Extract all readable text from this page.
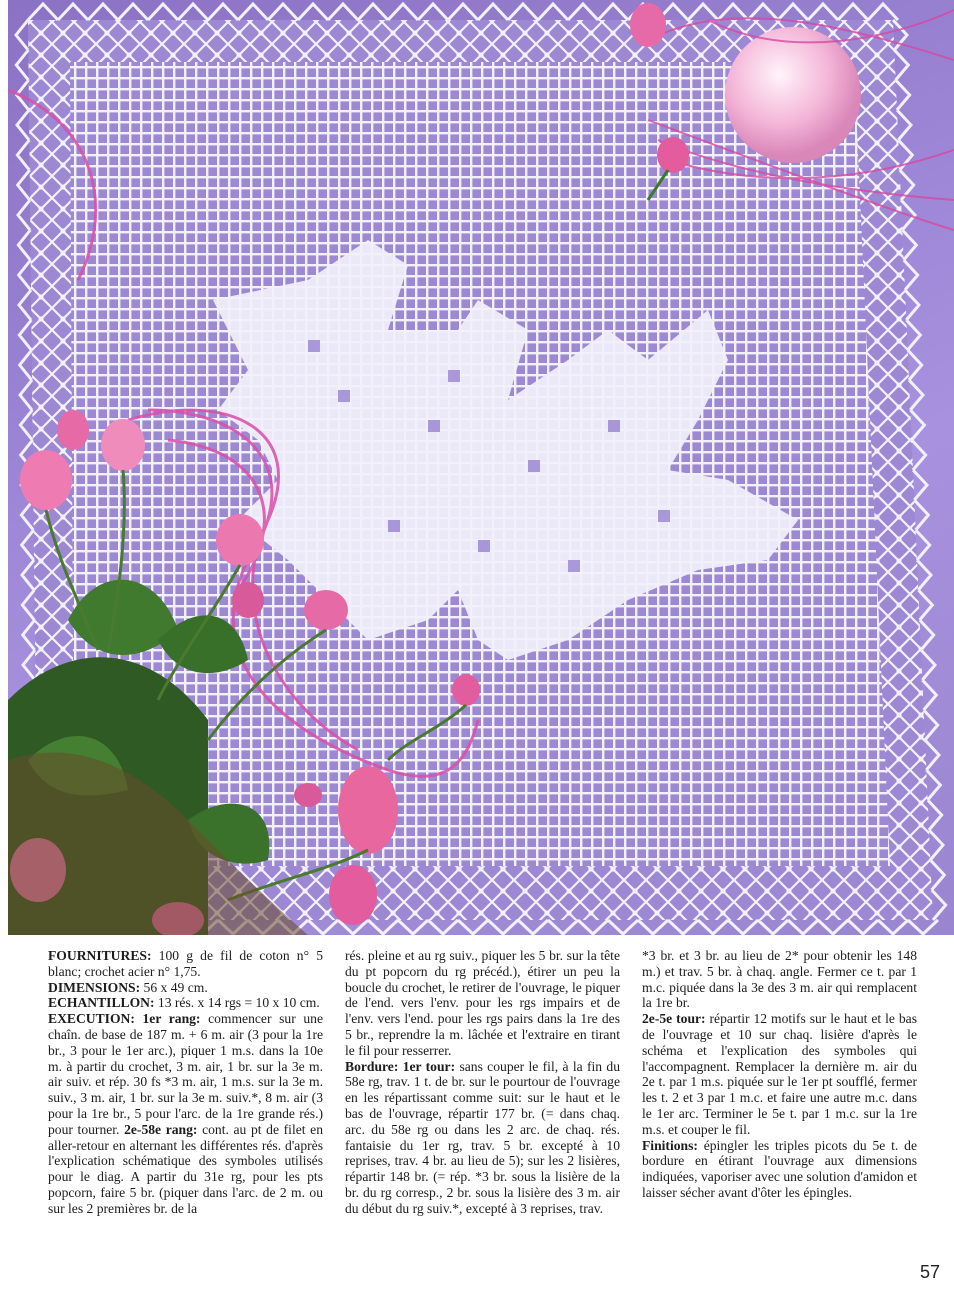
FOURNITURES: 100 g de fil de coton n° 5 blanc; crochet acier n° 1,75.

DIMENSIONS: 56 x 49 cm.

ECHANTILLON: 13 rés. x 14 rgs = 10 x 10 cm.

EXECUTION: 1er rang: commencer sur une chaîn. de base de 187 m. + 6 m. air (3 pour la 1re br., 3 pour le 1er arc.), piquer 1 m.s. dans la 10e m. à partir du crochet, 3 m. air, 1 br. sur la 3e m. air suiv. et rép. 30 fs *3 m. air, 1 m.s. sur la 3e m. suiv., 3 m. air, 1 br. sur la 3e m. suiv.*, 8 m. air (3 pour la 1re br., 5 pour l'arc. de la 1re grande rés.) pour tourner. 2e-58e rang: cont. au pt de filet en aller-retour en alternant les différentes rés. d'après l'explication schématique des symboles utilisés pour le diag. A partir du 31e rg, pour les pts popcorn, faire 5 br. (piquer dans l'arc. de 2 m. ou sur les 2 premières br. de la

rés. pleine et au rg suiv., piquer les 5 br. sur la tête du pt popcorn du rg précéd.), étirer un peu la boucle du crochet, le retirer de l'ouvrage, le piquer de l'end. vers l'env. pour les rgs impairs et de l'env. vers l'end. pour les rgs pairs dans la 1re des 5 br., reprendre la m. lâchée et l'extraire en tirant le fil pour resserrer.

Bordure: 1er tour: sans couper le fil, à la fin du 58e rg, trav. 1 t. de br. sur le pourtour de l'ouvrage en les répartissant comme suit: sur le haut et le bas de l'ouvrage, répartir 177 br. (= dans chaq. arc. du 58e rg ou dans les 2 arc. de chaq. rés. fantaisie du 1er rg, trav. 5 br. excepté à 10 reprises, trav. 4 br. au lieu de 5); sur les 2 lisières, répartir 148 br. (= rép. *3 br. sous la lisière de la br. du rg corresp., 2 br. sous la lisière des 3 m. air du début du rg suiv.*, excepté à 3 reprises, trav.

*3 br. et 3 br. au lieu de 2* pour obtenir les 148 m.) et trav. 5 br. à chaq. angle. Fermer ce t. par 1 m.c. piquée dans la 3e des 3 m. air qui remplacent la 1re br.

2e-5e tour: répartir 12 motifs sur le haut et le bas de l'ouvrage et 10 sur chaq. lisière d'après le schéma et l'explication des symboles qui l'accompagnent. Remplacer la dernière m. air du 2e t. par 1 m.s. piquée sur le 1er pt soufflé, fermer les t. 2 et 3 par 1 m.c. et faire une autre m.c. dans le 1er arc. Terminer le 5e t. par 1 m.c. sur la 1re m.s. et couper le fil.

Finitions: épingler les triples picots du 5e t. de bordure en étirant l'ouvrage aux dimensions indiquées, vaporiser avec une solution d'amidon et laisser sécher avant d'ôter les épingles.

57
